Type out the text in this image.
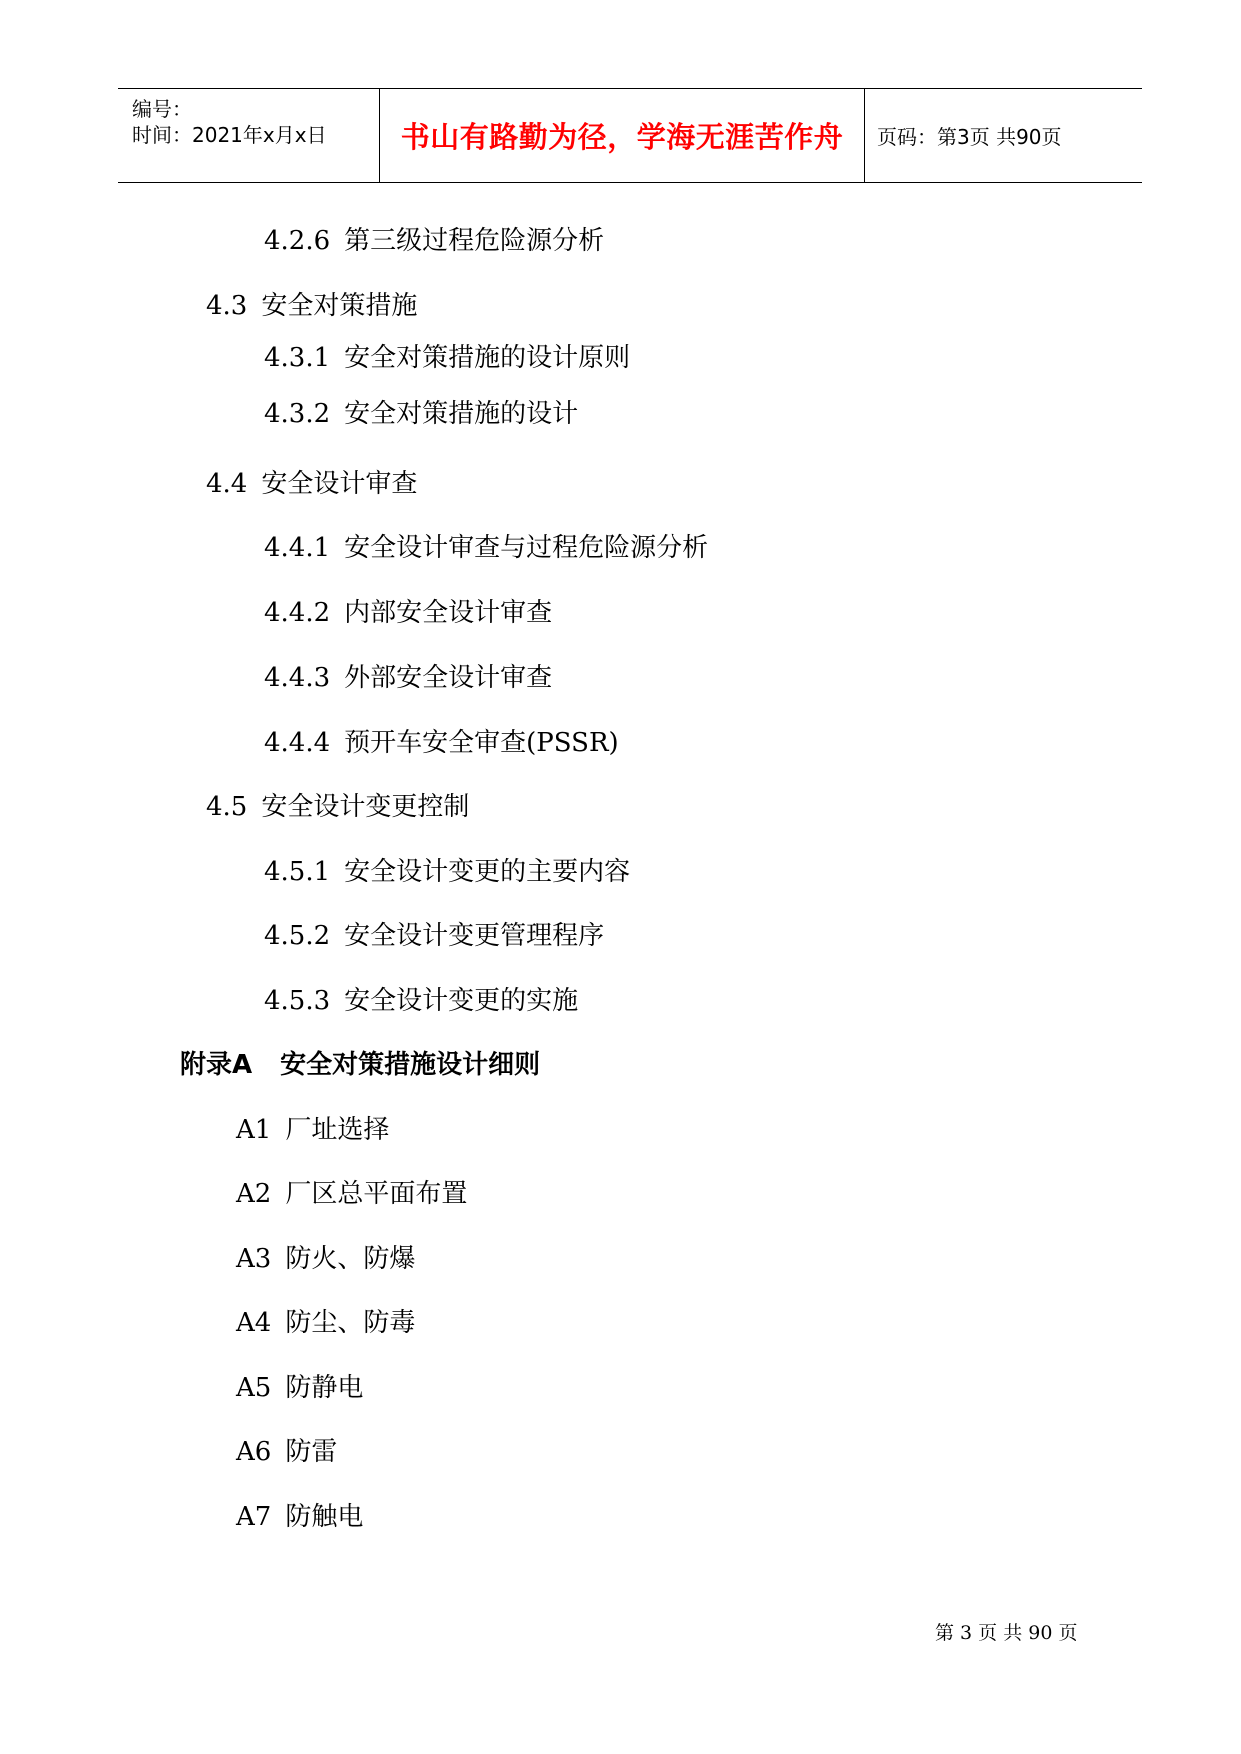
编号：
时间：2021年x月x日	书山有路勤为径，学海无涯苦作舟 页码：第3页 共90页
4.2.6 第三级过程危险源分析
4.3 安全对策措施
4.3.1 安全对策措施的设计原则
4.3.2 安全对策措施的设计
4.4 安全设计审查
4.4.1 安全设计审查与过程危险源分析
4.4.2 内部安全设计审查
4.4.3 外部安全设计审查
4.4.4 预开车安全审查(PSSR)
4.5 安全设计变更控制
4.5.1 安全设计变更的主要内容
4.5.2 安全设计变更管理程序
4.5.3 安全设计变更的实施
附录A 安全对策措施设计细则
A1 厂址选择
A2 厂区总平面布置
A3 防火、防爆
A4 防尘、防毒
A5 防静电
A6 防雷
A7 防触电
第 3 页 共 90 页
